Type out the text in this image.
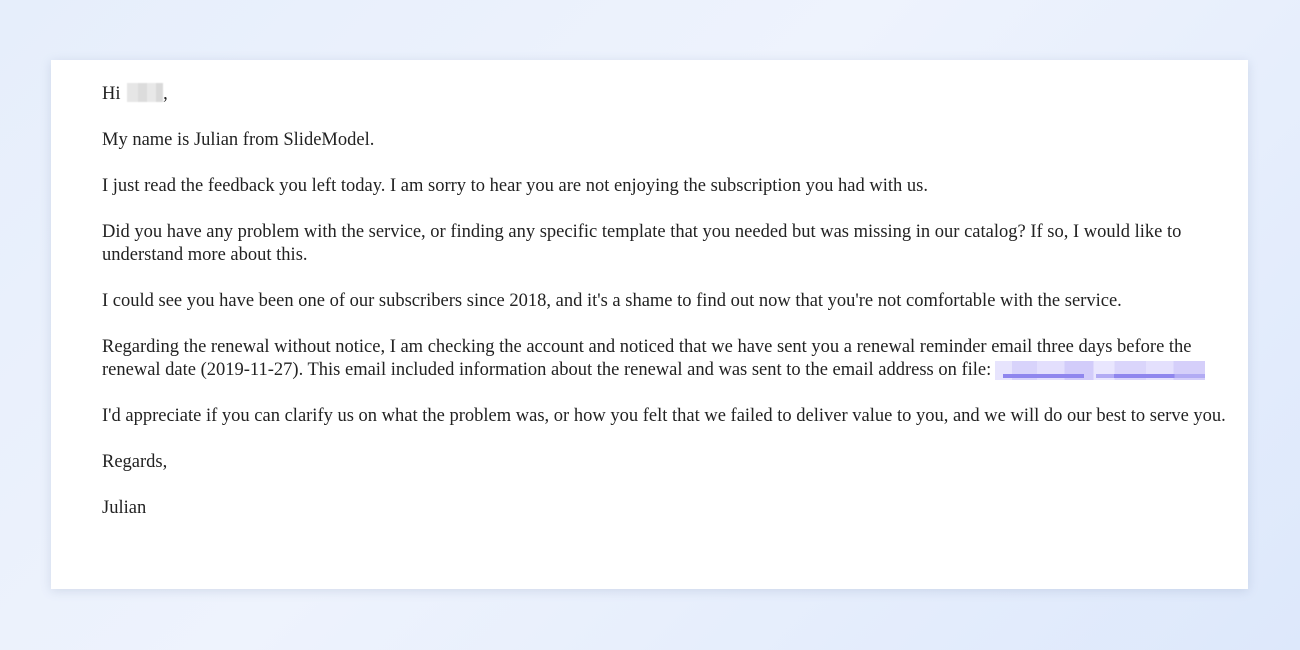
Hi ,

My name is Julian from SlideModel.

I just read the feedback you left today. I am sorry to hear you are not enjoying the subscription you had with us.

Did you have any problem with the service, or finding any specific template that you needed but was missing in our catalog? If so, I would like to understand more about this.

I could see you have been one of our subscribers since 2018, and it's a shame to find out now that you're not comfortable with the service.

Regarding the renewal without notice, I am checking the account and noticed that we have sent you a renewal reminder email three days before the renewal date (2019-11-27). This email included information about the renewal and was sent to the email address on file:

I'd appreciate if you can clarify us on what the problem was, or how you felt that we failed to deliver value to you, and we will do our best to serve you.

Regards,

Julian
